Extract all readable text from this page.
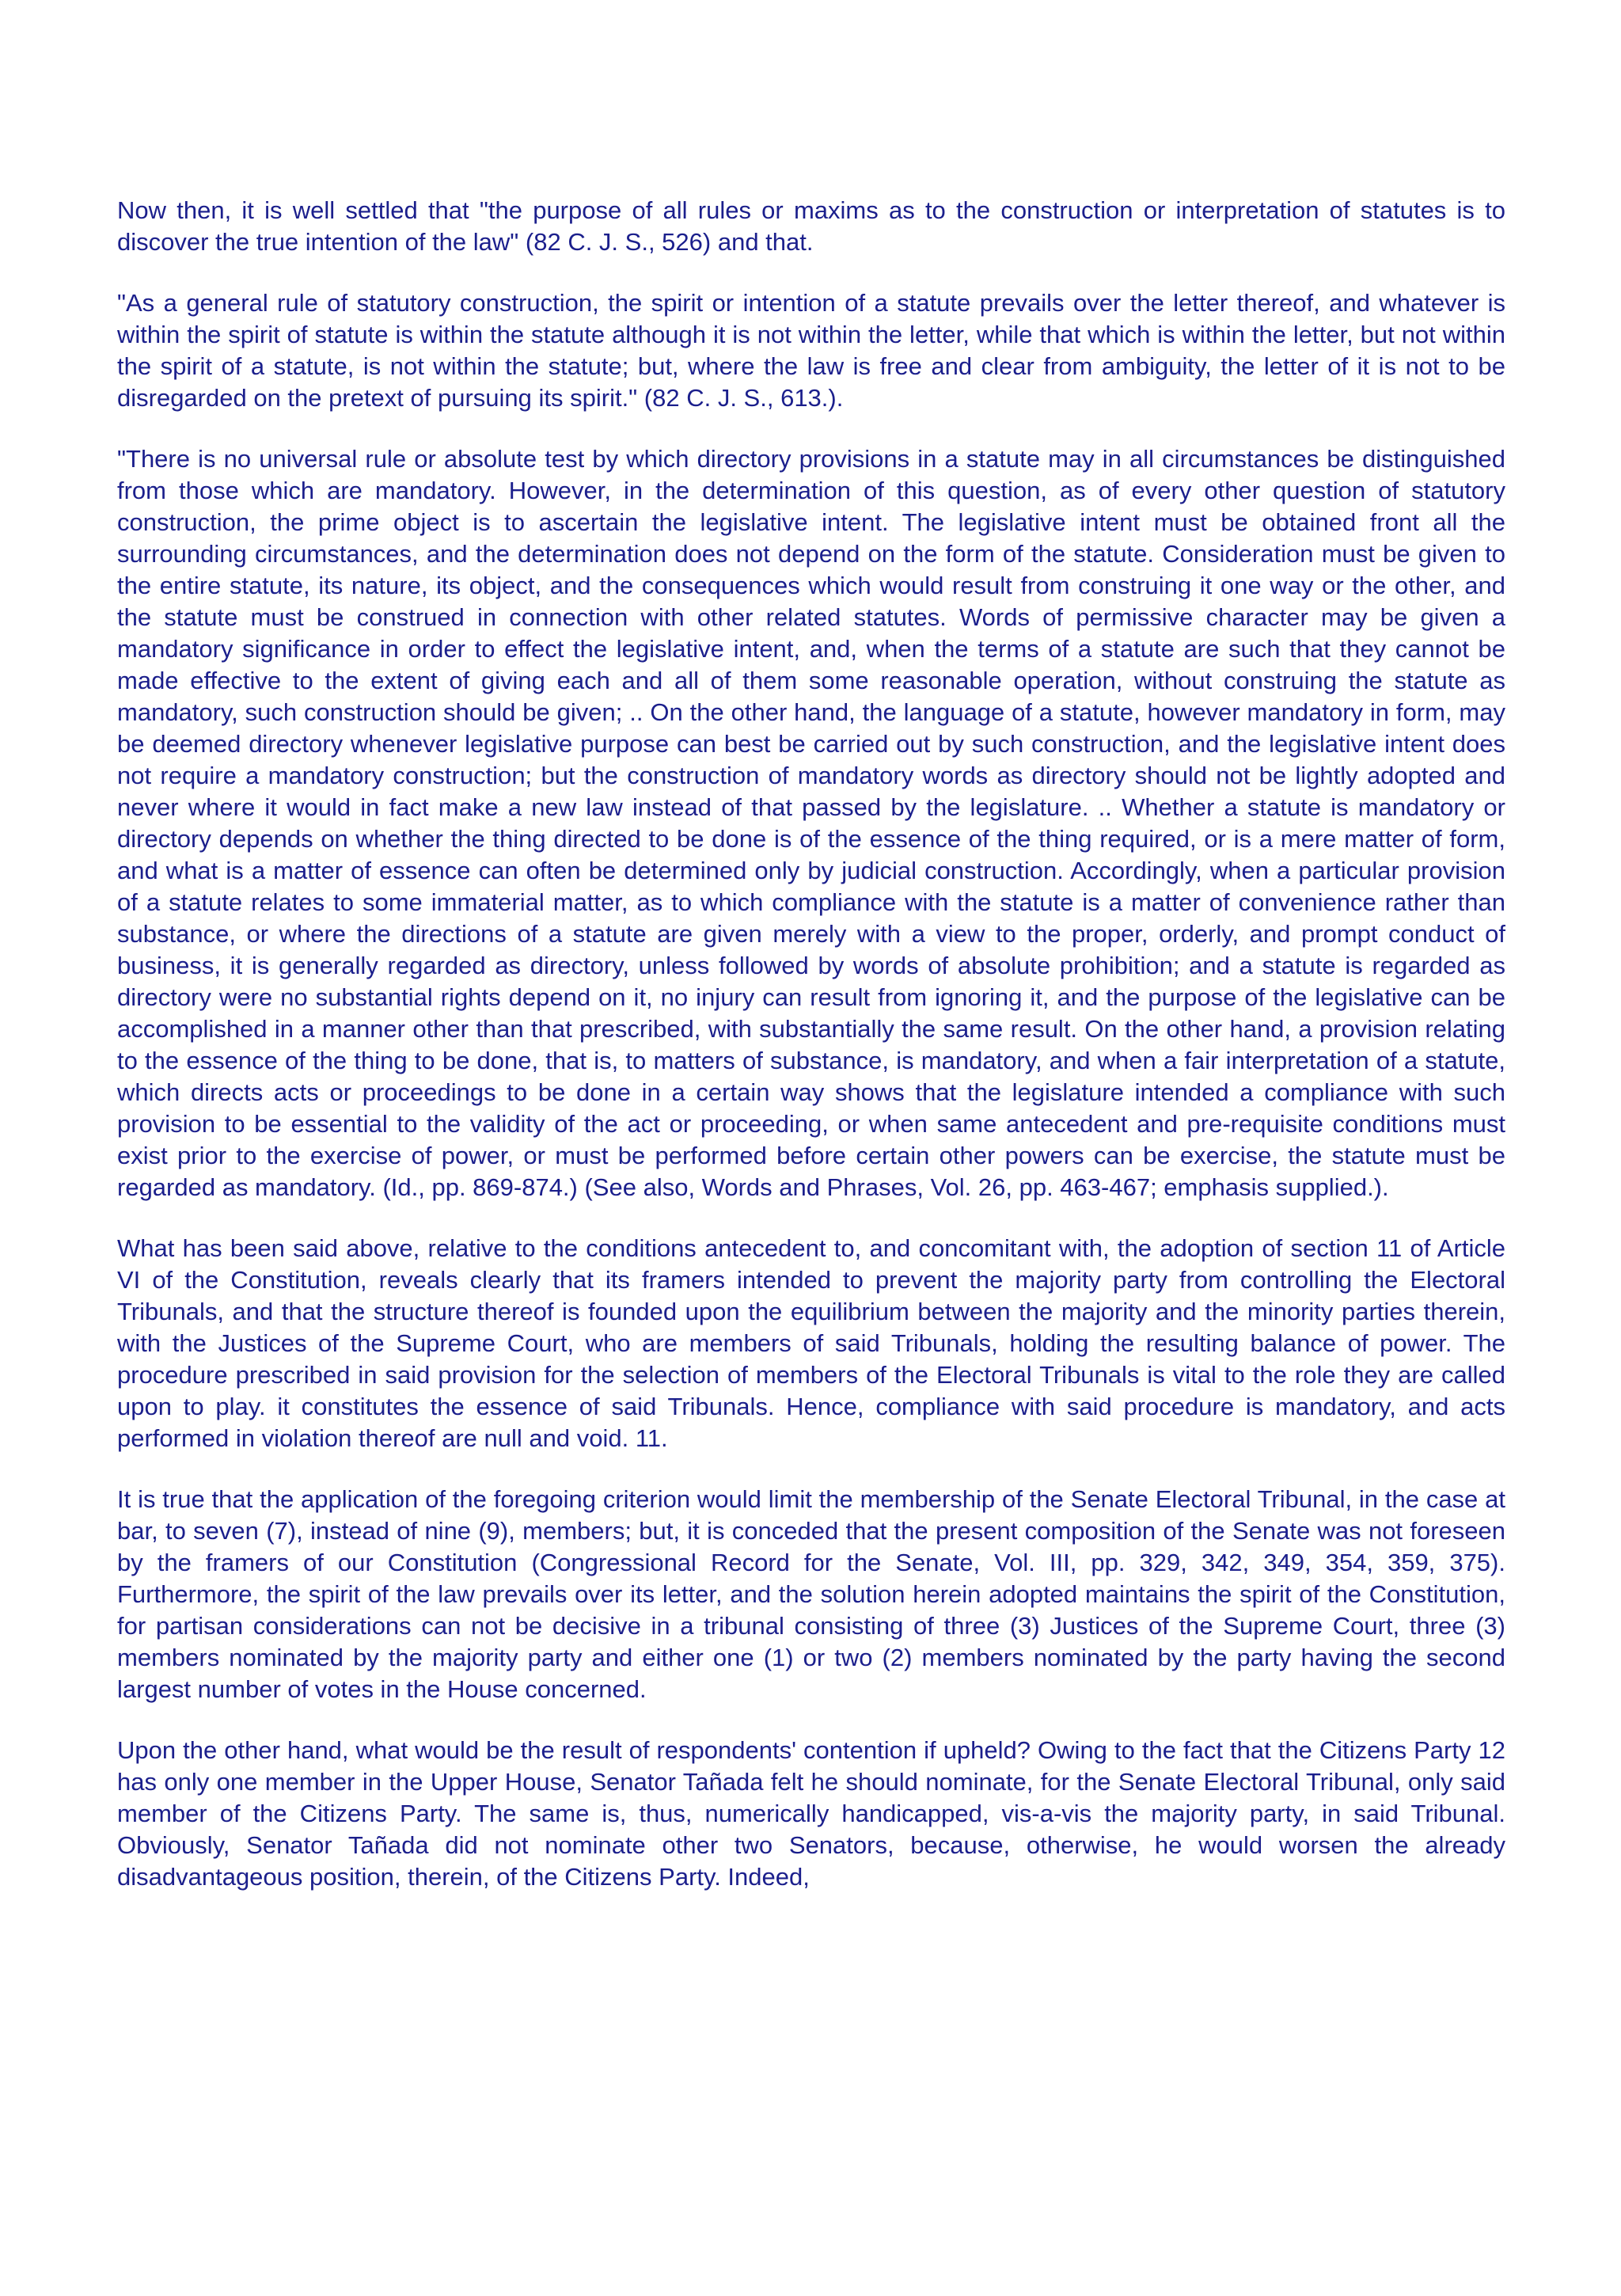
Now then, it is well settled that "the purpose of all rules or maxims as to the construction or interpretation of statutes is to discover the true intention of the law" (82 C. J. S., 526) and that.

"As a general rule of statutory construction, the spirit or intention of a statute prevails over the letter thereof, and whatever is within the spirit of statute is within the statute although it is not within the letter, while that which is within the letter, but not within the spirit of a statute, is not within the statute; but, where the law is free and clear from ambiguity, the letter of it is not to be disregarded on the pretext of pursuing its spirit." (82 C. J. S., 613.).

"There is no universal rule or absolute test by which directory provisions in a statute may in all circumstances be distinguished from those which are mandatory. However, in the determination of this question, as of every other question of statutory construction, the prime object is to ascertain the legislative intent. The legislative intent must be obtained front all the surrounding circumstances, and the determination does not depend on the form of the statute. Consideration must be given to the entire statute, its nature, its object, and the consequences which would result from construing it one way or the other, and the statute must be construed in connection with other related statutes. Words of permissive character may be given a mandatory significance in order to effect the legislative intent, and, when the terms of a statute are such that they cannot be made effective to the extent of giving each and all of them some reasonable operation, without construing the statute as mandatory, such construction should be given; .. On the other hand, the language of a statute, however mandatory in form, may be deemed directory whenever legislative purpose can best be carried out by such construction, and the legislative intent does not require a mandatory construction; but the construction of mandatory words as directory should not be lightly adopted and never where it would in fact make a new law instead of that passed by the legislature. .. Whether a statute is mandatory or directory depends on whether the thing directed to be done is of the essence of the thing required, or is a mere matter of form, and what is a matter of essence can often be determined only by judicial construction. Accordingly, when a particular provision of a statute relates to some immaterial matter, as to which compliance with the statute is a matter of convenience rather than substance, or where the directions of a statute are given merely with a view to the proper, orderly, and prompt conduct of business, it is generally regarded as directory, unless followed by words of absolute prohibition; and a statute is regarded as directory were no substantial rights depend on it, no injury can result from ignoring it, and the purpose of the legislative can be accomplished in a manner other than that prescribed, with substantially the same result. On the other hand, a provision relating to the essence of the thing to be done, that is, to matters of substance, is mandatory, and when a fair interpretation of a statute, which directs acts or proceedings to be done in a certain way shows that the legislature intended a compliance with such provision to be essential to the validity of the act or proceeding, or when same antecedent and pre-requisite conditions must exist prior to the exercise of power, or must be performed before certain other powers can be exercise, the statute must be regarded as mandatory. (Id., pp. 869-874.) (See also, Words and Phrases, Vol. 26, pp. 463-467; emphasis supplied.).

What has been said above, relative to the conditions antecedent to, and concomitant with, the adoption of section 11 of Article VI of the Constitution, reveals clearly that its framers intended to prevent the majority party from controlling the Electoral Tribunals, and that the structure thereof is founded upon the equilibrium between the majority and the minority parties therein, with the Justices of the Supreme Court, who are members of said Tribunals, holding the resulting balance of power. The procedure prescribed in said provision for the selection of members of the Electoral Tribunals is vital to the role they are called upon to play. it constitutes the essence of said Tribunals. Hence, compliance with said procedure is mandatory, and acts performed in violation thereof are null and void. 11.

It is true that the application of the foregoing criterion would limit the membership of the Senate Electoral Tribunal, in the case at bar, to seven (7), instead of nine (9), members; but, it is conceded that the present composition of the Senate was not foreseen by the framers of our Constitution (Congressional Record for the Senate, Vol. III, pp. 329, 342, 349, 354, 359, 375). Furthermore, the spirit of the law prevails over its letter, and the solution herein adopted maintains the spirit of the Constitution, for partisan considerations can not be decisive in a tribunal consisting of three (3) Justices of the Supreme Court, three (3) members nominated by the majority party and either one (1) or two (2) members nominated by the party having the second largest number of votes in the House concerned.

Upon the other hand, what would be the result of respondents' contention if upheld? Owing to the fact that the Citizens Party 12 has only one member in the Upper House, Senator Tañada felt he should nominate, for the Senate Electoral Tribunal, only said member of the Citizens Party. The same is, thus, numerically handicapped, vis-a-vis the majority party, in said Tribunal. Obviously, Senator Tañada did not nominate other two Senators, because, otherwise, he would worsen the already disadvantageous position, therein, of the Citizens Party. Indeed,
